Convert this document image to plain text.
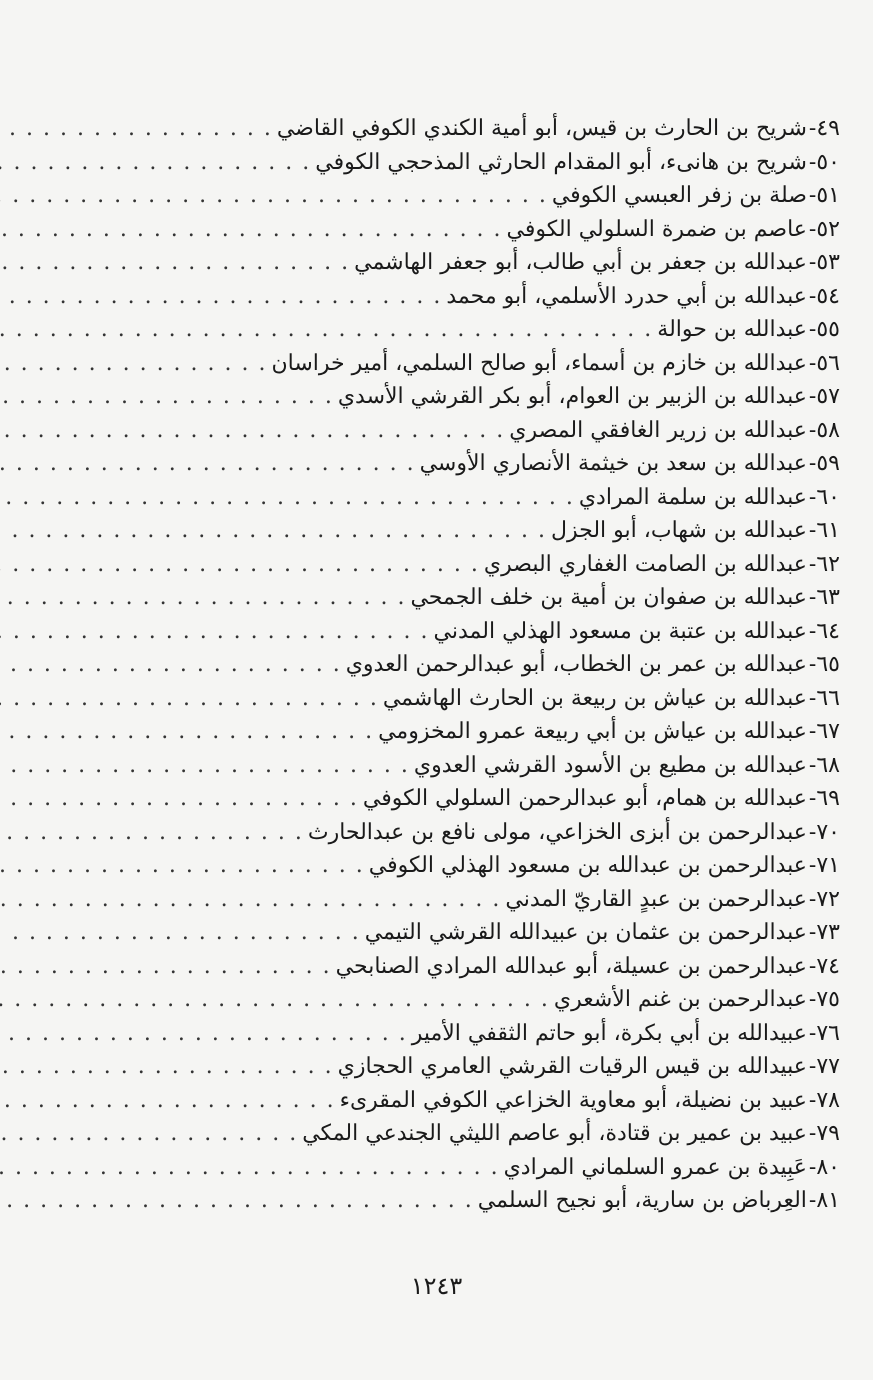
٤٩-
شريح بن الحارث بن قيس، أبو أمية الكندي الكوفي القاضي
. . .
٥٠-
شريح بن هانىء، أبو المقدام الحارثي المذحجي الكوفي
. . .
٥١-
صلة بن زفر العبسي الكوفي
. . .
٥٢-
عاصم بن ضمرة السلولي الكوفي
. . .
٥٣-
عبدالله بن جعفر بن أبي طالب، أبو جعفر الهاشمي
. . .
٥٤-
عبدالله بن أبي حدرد الأسلمي، أبو محمد
. . .
٥٥-
عبدالله بن حوالة
. . .
٥٦-
عبدالله بن خازم بن أسماء، أبو صالح السلمي، أمير خراسان
. . .
٥٧-
عبدالله بن الزبير بن العوام، أبو بكر القرشي الأسدي
. . .
٥٨-
عبدالله بن زرير الغافقي المصري
. . .
٥٩-
عبدالله بن سعد بن خيثمة الأنصاري الأوسي
. . .
٦٠-
عبدالله بن سلمة المرادي
. . .
٦١-
عبدالله بن شهاب، أبو الجزل
. . .
٦٢-
عبدالله بن الصامت الغفاري البصري
. . .
٦٣-
عبدالله بن صفوان بن أمية بن خلف الجمحي
. . .
٦٤-
عبدالله بن عتبة بن مسعود الهذلي المدني
. . .
٦٥-
عبدالله بن عمر بن الخطاب، أبو عبدالرحمن العدوي
. . .
٦٦-
عبدالله بن عياش بن ربيعة بن الحارث الهاشمي
. . .
٦٧-
عبدالله بن عياش بن أبي ربيعة عمرو المخزومي
. . .
٦٨-
عبدالله بن مطيع بن الأسود القرشي العدوي
. . .
٦٩-
عبدالله بن همام، أبو عبدالرحمن السلولي الكوفي
. . .
٧٠-
عبدالرحمن بن أبزى الخزاعي، مولى نافع بن عبدالحارث
. . .
٧١-
عبدالرحمن بن عبدالله بن مسعود الهذلي الكوفي
. . .
٧٢-
عبدالرحمن بن عبدٍ القاريّ المدني
. . .
٧٣-
عبدالرحمن بن عثمان بن عبيدالله القرشي التيمي
. . .
٧٤-
عبدالرحمن بن عسيلة، أبو عبدالله المرادي الصنابحي
. . .
٧٥-
عبدالرحمن بن غنم الأشعري
. . .
٧٦-
عبيدالله بن أبي بكرة، أبو حاتم الثقفي الأمير
. . .
٧٧-
عبيدالله بن قيس الرقيات القرشي العامري الحجازي
. . .
٧٨-
عبيد بن نضيلة، أبو معاوية الخزاعي الكوفي المقرىء
. . .
٧٩-
عبيد بن عمير بن قتادة، أبو عاصم الليثي الجندعي المكي
. . .
٨٠-
عَبِيدة بن عمرو السلماني المرادي
. . .
٨١-
العِرباض بن سارية، أبو نجيح السلمي
. . .
١٢٤٣
